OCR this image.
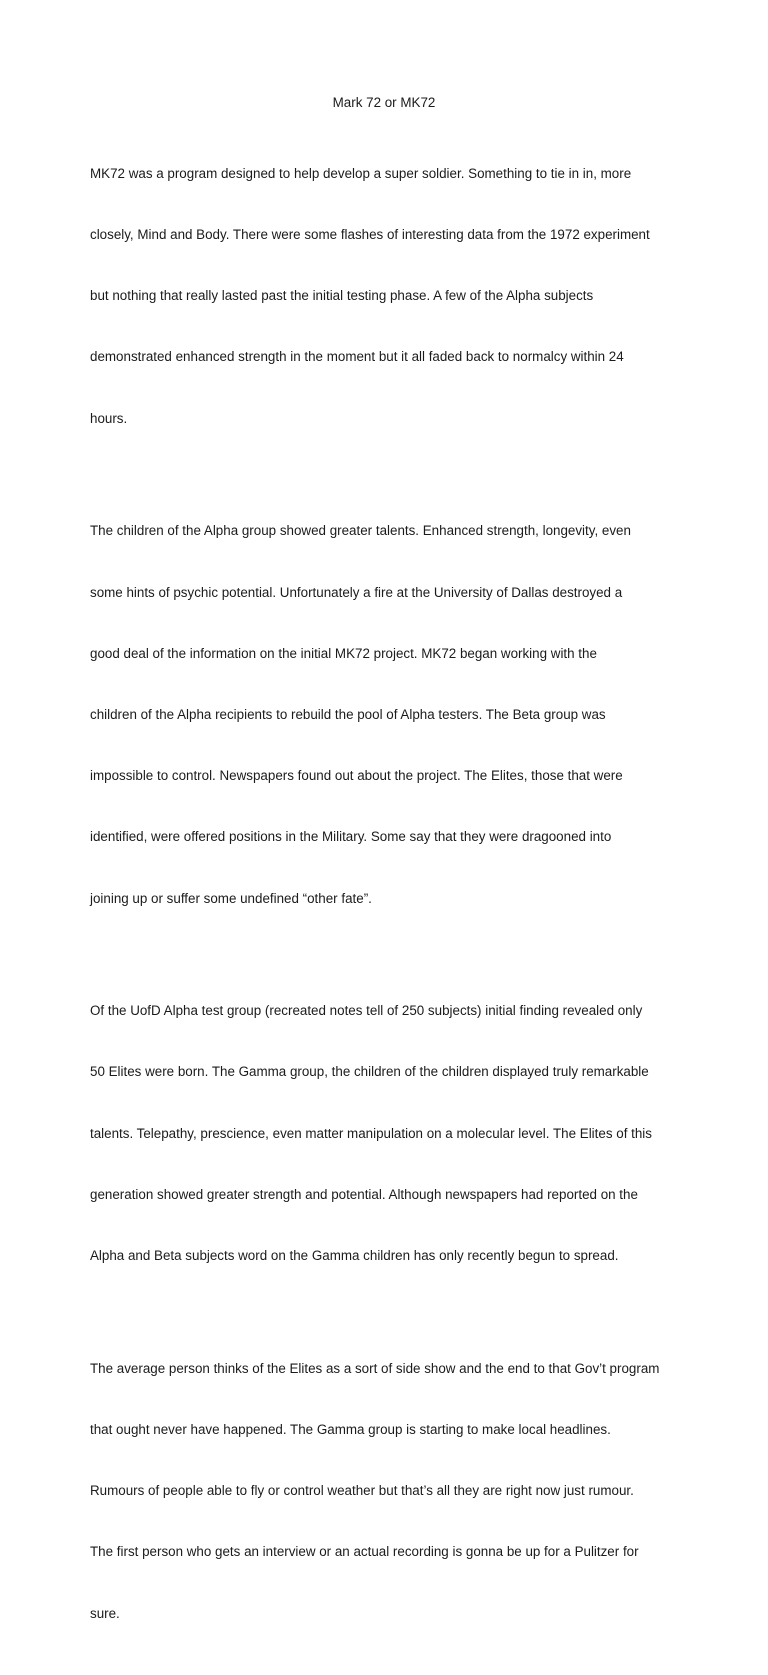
Mark 72 or MK72

MK72 was a program designed to help develop a super soldier. Something to tie in in, more

closely, Mind and Body. There were some flashes of interesting data from the 1972 experiment

but nothing that really lasted past the initial testing phase. A few of the Alpha subjects

demonstrated enhanced strength in the moment but it all faded back to normalcy within 24

hours.

The children of the Alpha group showed greater talents. Enhanced strength, longevity, even

some hints of psychic potential. Unfortunately a fire at the University of Dallas destroyed a

good deal of the information on the initial MK72 project. MK72 began working with the

children of the Alpha recipients to rebuild the pool of Alpha testers. The Beta group was

impossible to control. Newspapers found out about the project. The Elites, those that were

identified, were offered positions in the Military. Some say that they were dragooned into

joining up or suffer some undefined “other fate”.

Of the UofD Alpha test group (recreated notes tell of 250 subjects) initial finding revealed only

50 Elites were born. The Gamma group, the children of the children displayed truly remarkable

talents. Telepathy, prescience, even matter manipulation on a molecular level. The Elites of this

generation showed greater strength and potential. Although newspapers had reported on the

Alpha and Beta subjects word on the Gamma children has only recently begun to spread.

The average person thinks of the Elites as a sort of side show and the end to that Gov’t program

that ought never have happened. The Gamma group is starting to make local headlines.

Rumours of people able to fly or control weather but that’s all they are right now just rumour.

The first person who gets an interview or an actual recording is gonna be up for a Pulitzer for

sure.
